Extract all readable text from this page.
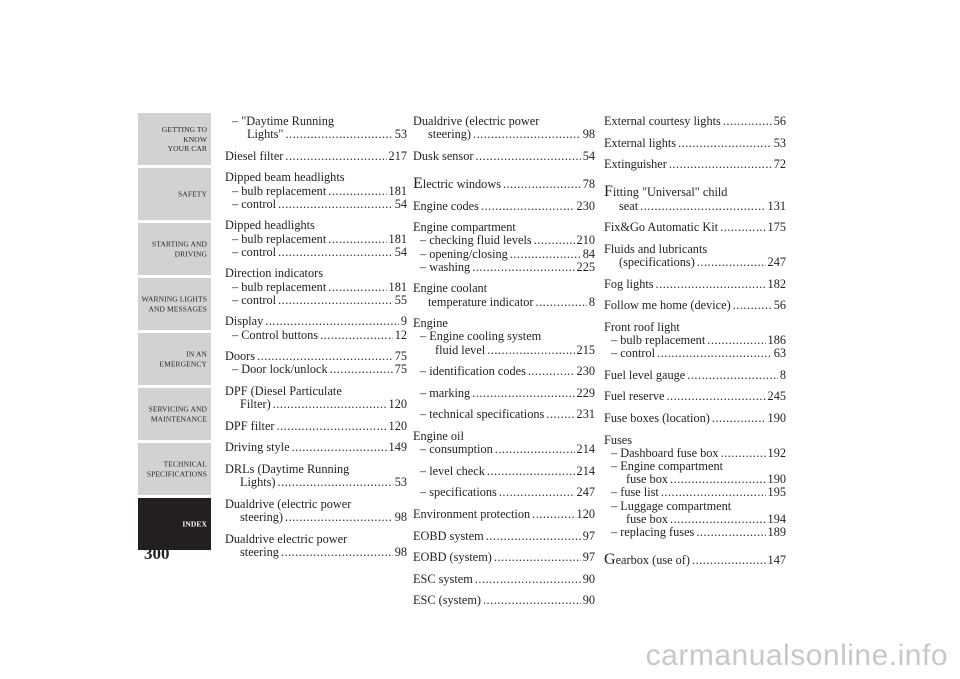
GETTING TO KNOW
YOUR CAR
SAFETY
STARTING AND
DRIVING
WARNING LIGHTS
AND MESSAGES
IN AN EMERGENCY
SERVICING AND
MAINTENANCE
TECHNICAL
SPECIFICATIONS
INDEX
300
– "Daytime Running
Lights" .....	53
Diesel filter .....	217
Dipped beam headlights
– bulb replacement .....	181
– control .....	54
Dipped headlights
– bulb replacement .....	181
– control .....	54
Direction indicators
– bulb replacement .....	181
– control .....	55
Display .....	9
– Control buttons .....	12
Doors .....	75
– Door lock/unlock .....	75
DPF (Diesel Particulate
Filter) .....	120
DPF filter .....	120
Driving style .....	149
DRLs (Daytime Running
Lights) .....	53
Dualdrive (electric power
steering) .....	98
Dualdrive electric power
steering .....	98
Dualdrive (electric power
steering) .....	98
Dusk sensor .....	54
E lectric windows .....	78
Engine codes .....	230
Engine compartment
– checking fluid levels .....	210
– opening/closing .....	84
– washing .....	225
Engine coolant
temperature indicator .....	8
Engine
– Engine cooling system
fluid level .....	215
– identification codes .....	230
– marking .....	229
– technical specifications .....	231
Engine oil
– consumption .....	214
– level check .....	214
– specifications .....	247
Environment protection .....	120
EOBD system .....	97
EOBD (system) .....	97
ESC system .....	90
ESC (system) .....	90
External courtesy lights .....	56
External lights .....	53
Extinguisher .....	72
F itting "Universal" child
seat .....	131
Fix&Go Automatic Kit .....	175
Fluids and lubricants
(specifications) .....	247
Fog lights .....	182
Follow me home (device) .....	56
Front roof light
– bulb replacement .....	186
– control .....	63
Fuel level gauge .....	8
Fuel reserve .....	245
Fuse boxes (location) .....	190
Fuses
– Dashboard fuse box .....	192
– Engine compartment
fuse box .....	190
– fuse list .....	195
– Luggage compartment
fuse box .....	194
– replacing fuses .....	189
G earbox (use of) .....	147
carmanualsonline.info
